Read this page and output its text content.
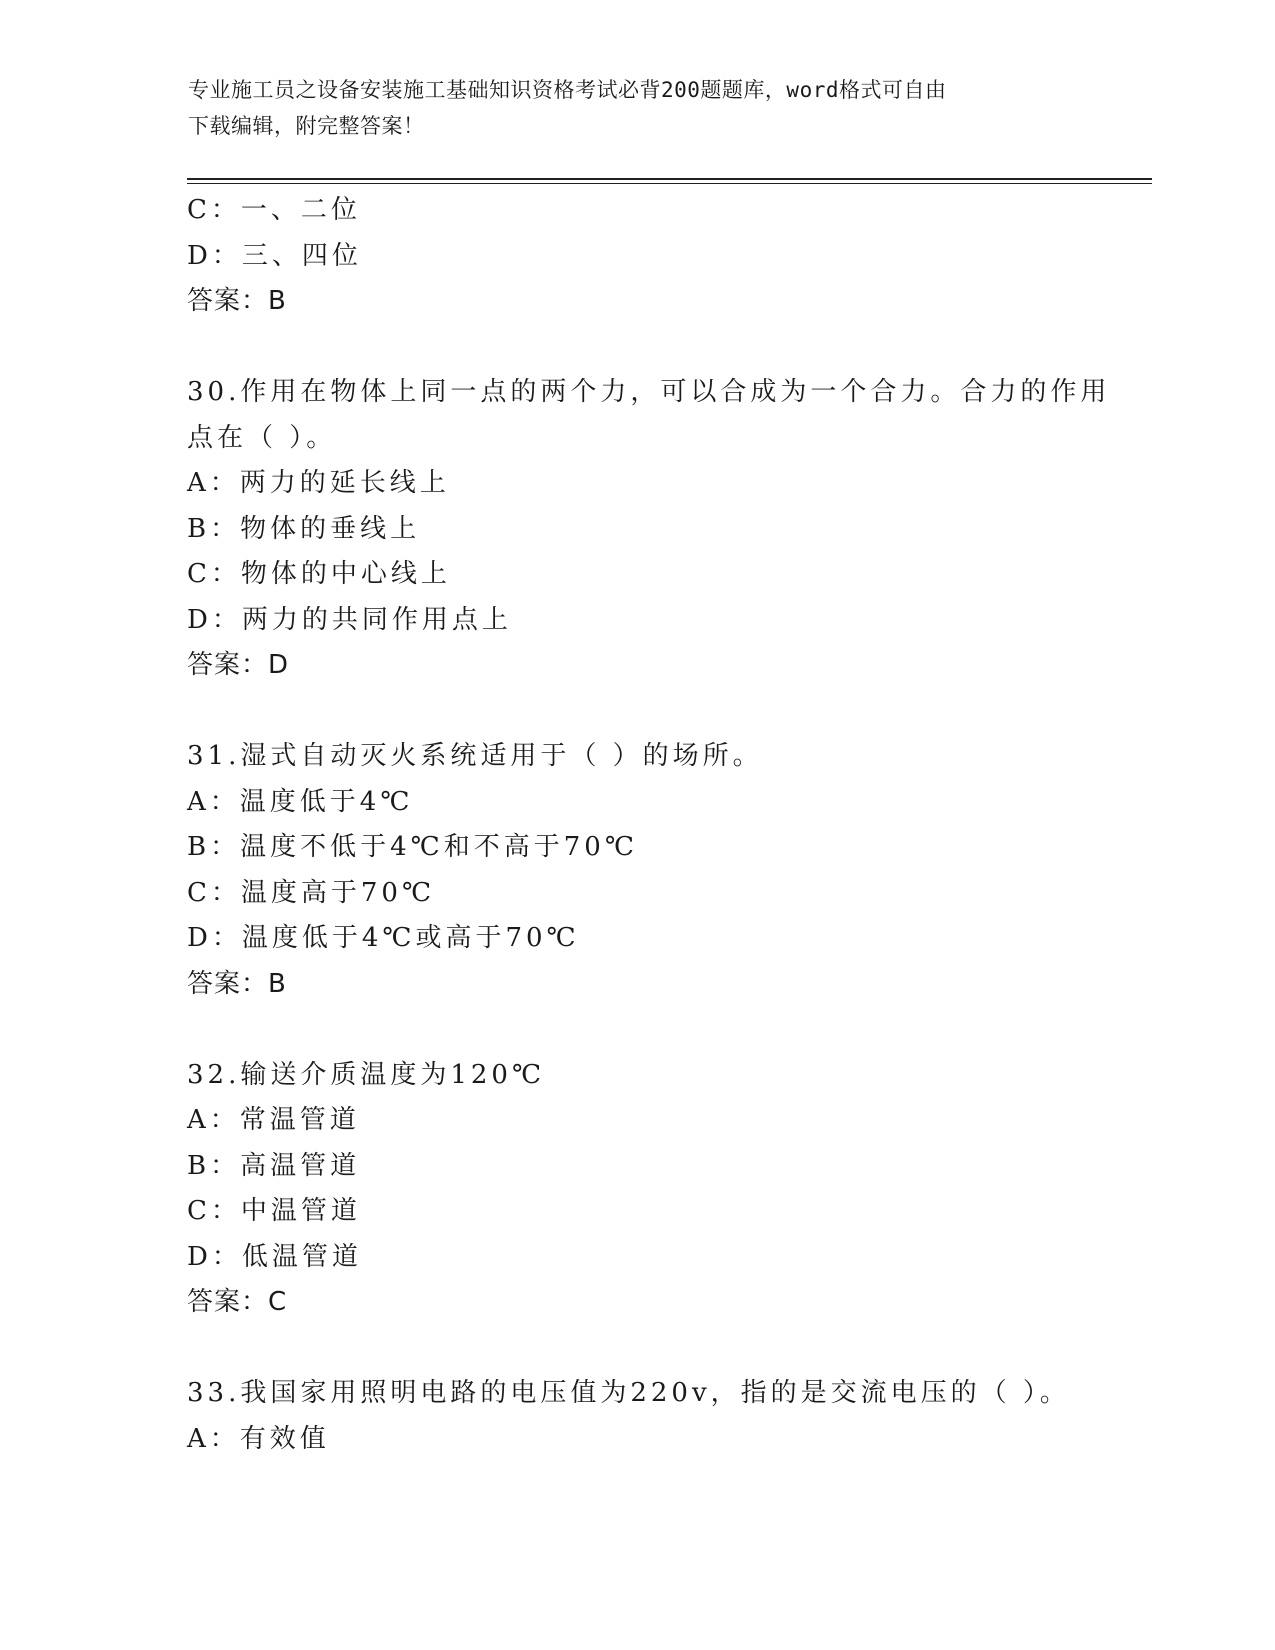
专业施工员之设备安装施工基础知识资格考试必背200题题库，word格式可自由
下载编辑，附完整答案！
C：一、二位
D：三、四位
答案：B
30.作用在物体上同一点的两个力，可以合成为一个合力。合力的作用
点在（ ）。
A：两力的延长线上
B：物体的垂线上
C：物体的中心线上
D：两力的共同作用点上
答案：D
31.湿式自动灭火系统适用于（ ）的场所。
A：温度低于4℃
B：温度不低于4℃和不高于70℃
C：温度高于70℃
D：温度低于4℃或高于70℃
答案：B
32.输送介质温度为120℃
A：常温管道
B：高温管道
C：中温管道
D：低温管道
答案：C
33.我国家用照明电路的电压值为220v，指的是交流电压的（ ）。
A：有效值
